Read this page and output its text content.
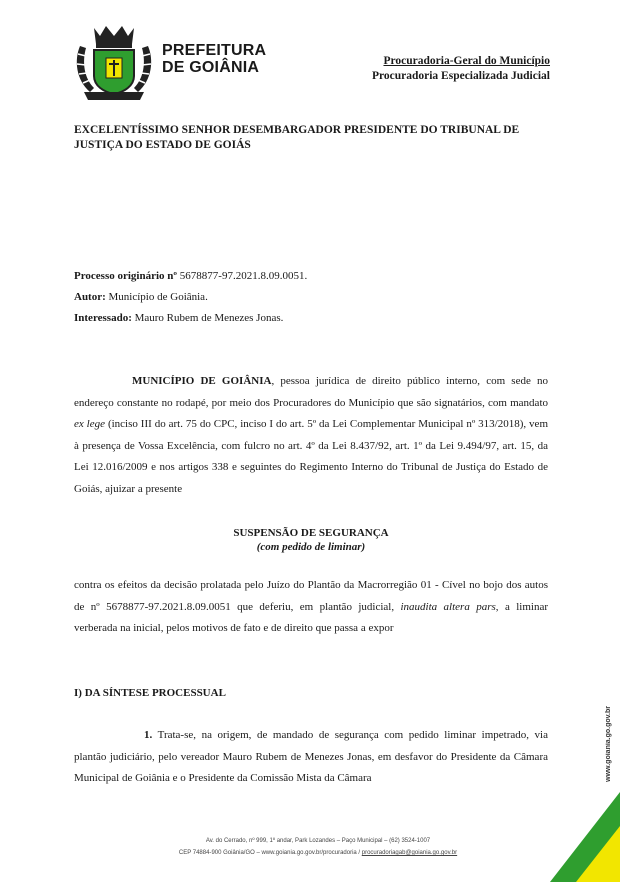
PREFEITURA
DE GOIÂNIA	Procuradoria-Geral do Município
Procuradoria Especializada Judicial
EXCELENTÍSSIMO SENHOR DESEMBARGADOR PRESIDENTE DO TRIBUNAL DE JUSTIÇA DO ESTADO DE GOIÁS
Processo originário nº 5678877-97.2021.8.09.0051.
Autor: Município de Goiânia.
Interessado: Mauro Rubem de Menezes Jonas.
MUNICÍPIO DE GOIÂNIA, pessoa jurídica de direito público interno, com sede no endereço constante no rodapé, por meio dos Procuradores do Município que são signatários, com mandato ex lege (inciso III do art. 75 do CPC, inciso I do art. 5º da Lei Complementar Municipal nº 313/2018), vem à presença de Vossa Excelência, com fulcro no art. 4º da Lei 8.437/92, art. 1º da Lei 9.494/97, art. 15, da Lei 12.016/2009 e nos artigos 338 e seguintes do Regimento Interno do Tribunal de Justiça do Estado de Goiás, ajuizar a presente
SUSPENSÃO DE SEGURANÇA
(com pedido de liminar)
contra os efeitos da decisão prolatada pelo Juízo do Plantão da Macrorregião 01 - Cível no bojo dos autos de nº 5678877-97.2021.8.09.0051 que deferiu, em plantão judicial, inaudita altera pars, a liminar verberada na inicial, pelos motivos de fato e de direito que passa a expor
I) DA SÍNTESE PROCESSUAL
1. Trata-se, na origem, de mandado de segurança com pedido liminar impetrado, via plantão judiciário, pelo vereador Mauro Rubem de Menezes Jonas, em desfavor do Presidente da Câmara Municipal de Goiânia e o Presidente da Comissão Mista da Câmara	www.goiania.go.gov.br
Av. do Cerrado, nº 999, 1º andar, Park Lozandes – Paço Municipal – (62) 3524-1007
CEP 74884-900 Goiânia/GO – www.goiania.go.gov.br/procuradoria / procuradoriagab@goiania.go.gov.br
